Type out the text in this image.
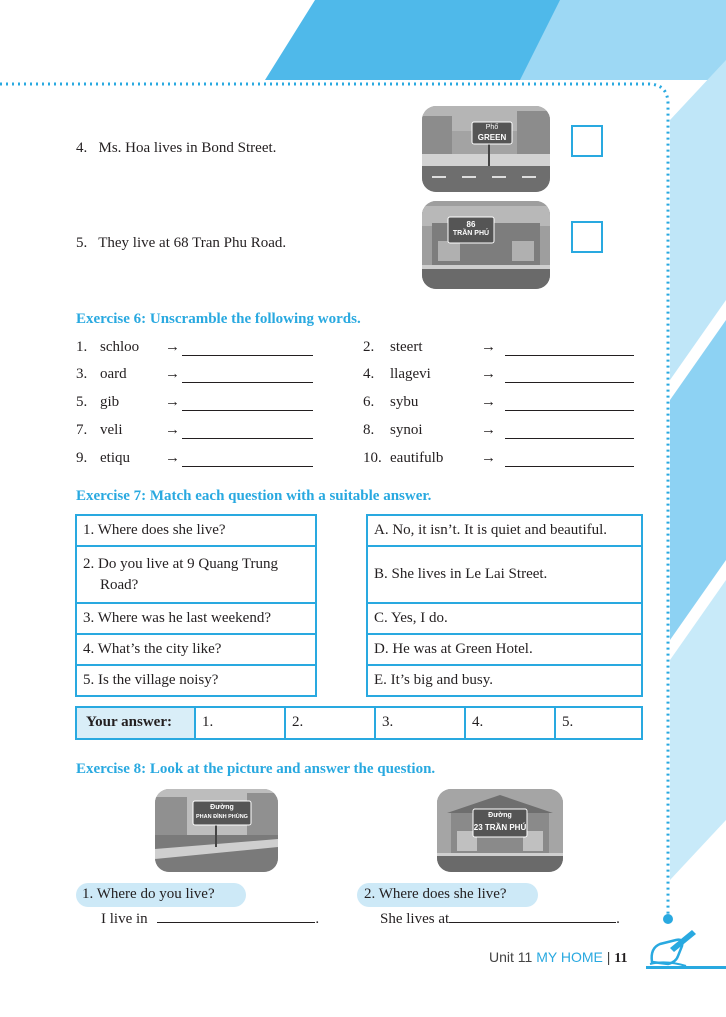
4. Ms. Hoa lives in Bond Street.
Phố
GREEN
5. They live at 68 Tran Phu Road.
86
TRẦN PHÚ
Exercise 6: Unscramble the following words.
1. schloo →
3. oard	→
5. gib	→
7. veli	→
9. etiqu →
2. steert	→
4. llagevi	→
6. sybu	→
8. synoi	→
10. eautifulb	→
Exercise 7: Match each question with a suitable answer.
1. Where does she live?

2. Do you live at 9 Quang Trung
Road?

3. Where was he last weekend?
4. What’s the city like?
5. Is the village noisy?
A. No, it isn’t. It is quiet and beautiful.
B. She lives in Le Lai Street.
C. Yes, I do.
D. He was at Green Hotel.
E. It’s big and busy.
Your answer:	1.	2.	3.	4.	5.
Exercise 8: Look at the picture and answer the question.
Đường
PHAN ĐÌNH PHÙNG	Đường
23 TRẦN PHÚ
1. Where do you live?
I live in	.
2. Where does she live?
She lives at	.
Unit 11 MY HOME | 11
